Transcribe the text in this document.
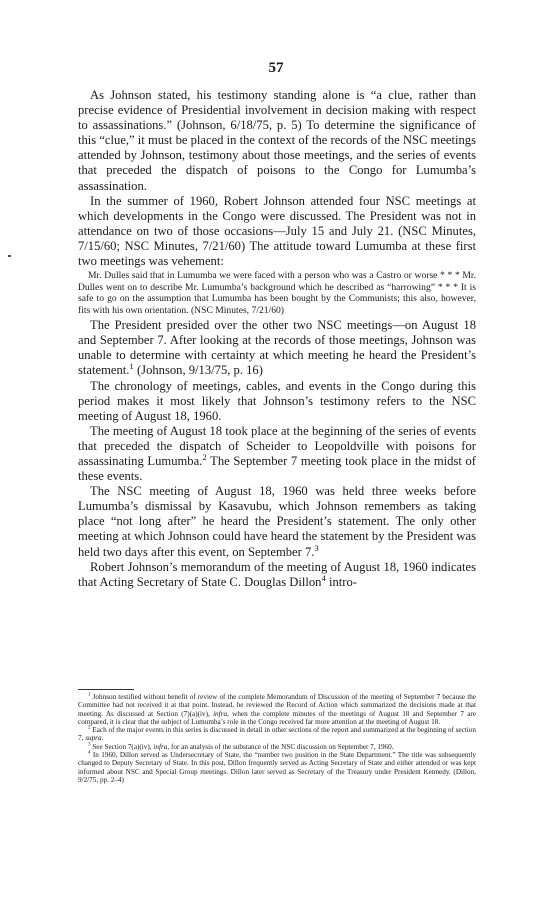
57

As Johnson stated, his testimony standing alone is “a clue, rather than precise evidence of Presidential involvement in decision making with respect to assassinations.” (Johnson, 6/18/75, p. 5) To determine the significance of this “clue,” it must be placed in the context of the records of the NSC meetings attended by Johnson, testimony about those meetings, and the series of events that preceded the dispatch of poisons to the Congo for Lumumba’s assassination.

In the summer of 1960, Robert Johnson attended four NSC meetings at which developments in the Congo were discussed. The President was not in attendance on two of those occasions—July 15 and July 21. (NSC Minutes, 7/15/60; NSC Minutes, 7/21/60) The attitude toward Lumumba at these first two meetings was vehement:

Mr. Dulles said that in Lumumba we were faced with a person who was a Castro or worse * * * Mr. Dulles went on to describe Mr. Lumumba’s background which he described as “harrowing” * * * It is safe to go on the assumption that Lumumba has been bought by the Communists; this also, however, fits with his own orientation. (NSC Minutes, 7/21/60)

The President presided over the other two NSC meetings—on August 18 and September 7. After looking at the records of those meetings, Johnson was unable to determine with certainty at which meeting he heard the President’s statement.$^1$ (Johnson, 9/13/75, p. 16)

The chronology of meetings, cables, and events in the Congo during this period makes it most likely that Johnson’s testimony refers to the NSC meeting of August 18, 1960.

The meeting of August 18 took place at the beginning of the series of events that preceded the dispatch of Scheider to Leopoldville with poisons for assassinating Lumumba.$^2$ The September 7 meeting took place in the midst of these events.

The NSC meeting of August 18, 1960 was held three weeks before Lumumba’s dismissal by Kasavubu, which Johnson remembers as taking place “not long after” he heard the President’s statement. The only other meeting at which Johnson could have heard the statement by the President was held two days after this event, on September 7.$^3$

Robert Johnson’s memorandum of the meeting of August 18, 1960 indicates that Acting Secretary of State C. Douglas Dillon$^4$ intro-

$^1$ Johnson testified without benefit of review of the complete Memorandum of Discussion of the meeting of September 7 because the Committee had not received it at that point. Instead, he reviewed the Record of Action which summarized the decisions made at that meeting. As discussed at Section (7)(a)(iv), infra, when the complete minutes of the meetings of August 18 and September 7 are compared, it is clear that the subject of Lumumba’s role in the Congo received far more attention at the meeting of August 18.

$^2$ Each of the major events in this series is discussed in detail in other sections of the report and summarized at the beginning of section 7, supra.

$^3$ See Section 7(a)(iv), infra, for an analysis of the substance of the NSC discussion on September 7, 1960.

$^4$ In 1960, Dillon served as Undersecretary of State, the “number two position in the State Department.” The title was subsequently changed to Deputy Secretary of State. In this post, Dillon frequently served as Acting Secretary of State and either attended or was kept informed about NSC and Special Group meetings. Dillon later served as Secretary of the Treasury under President Kennedy. (Dillon, 9/2/75, pp. 2–4)
